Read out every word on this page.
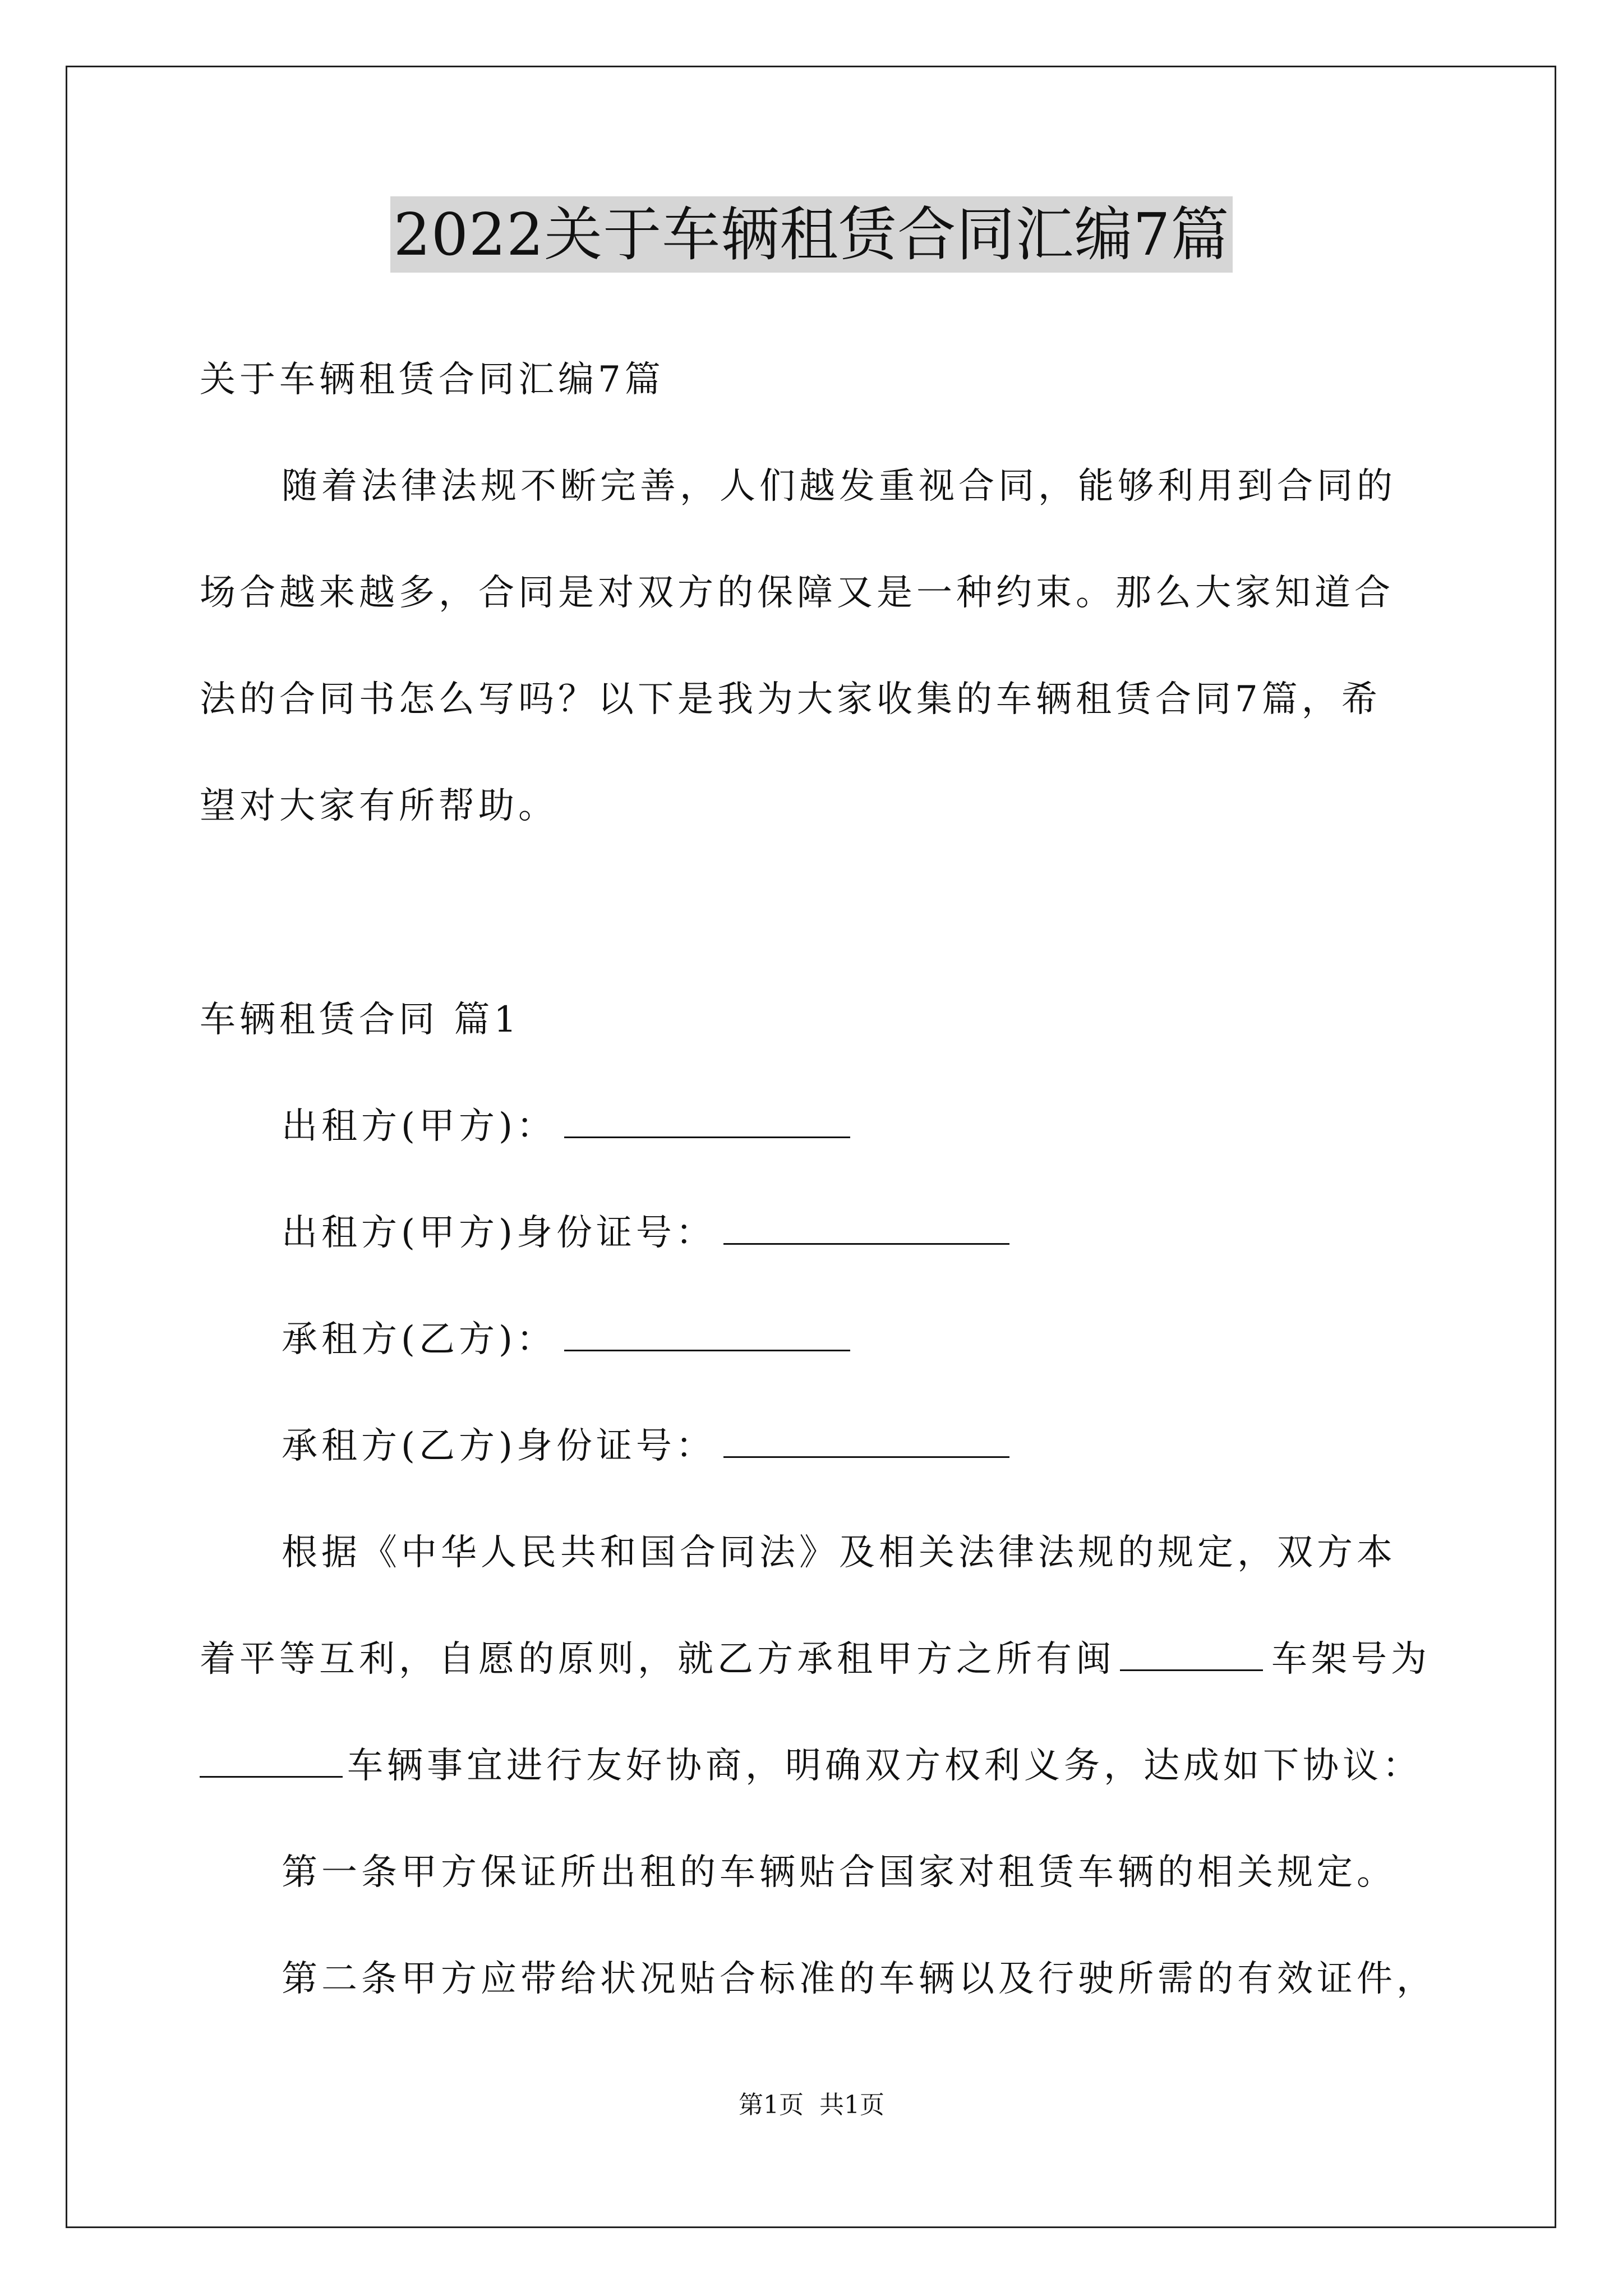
2022关于车辆租赁合同汇编7篇
关于车辆租赁合同汇编7篇
随着法律法规不断完善，人们越发重视合同，能够利用到合同的
场合越来越多，合同是对双方的保障又是一种约束。那么大家知道合
法的合同书怎么写吗？以下是我为大家收集的车辆租赁合同7篇，希
望对大家有所帮助。
车辆租赁合同 篇1
出租方(甲方)：
出租方(甲方)身份证号：
承租方(乙方)：
承租方(乙方)身份证号：
根据《中华人民共和国合同法》及相关法律法规的规定，双方本
着平等互利，自愿的原则，就乙方承租甲方之所有闽	车架号为
车辆事宜进行友好协商，明确双方权利义务，达成如下协议：
第一条甲方保证所出租的车辆贴合国家对租赁车辆的相关规定。
第二条甲方应带给状况贴合标准的车辆以及行驶所需的有效证件，
第1页 共1页
